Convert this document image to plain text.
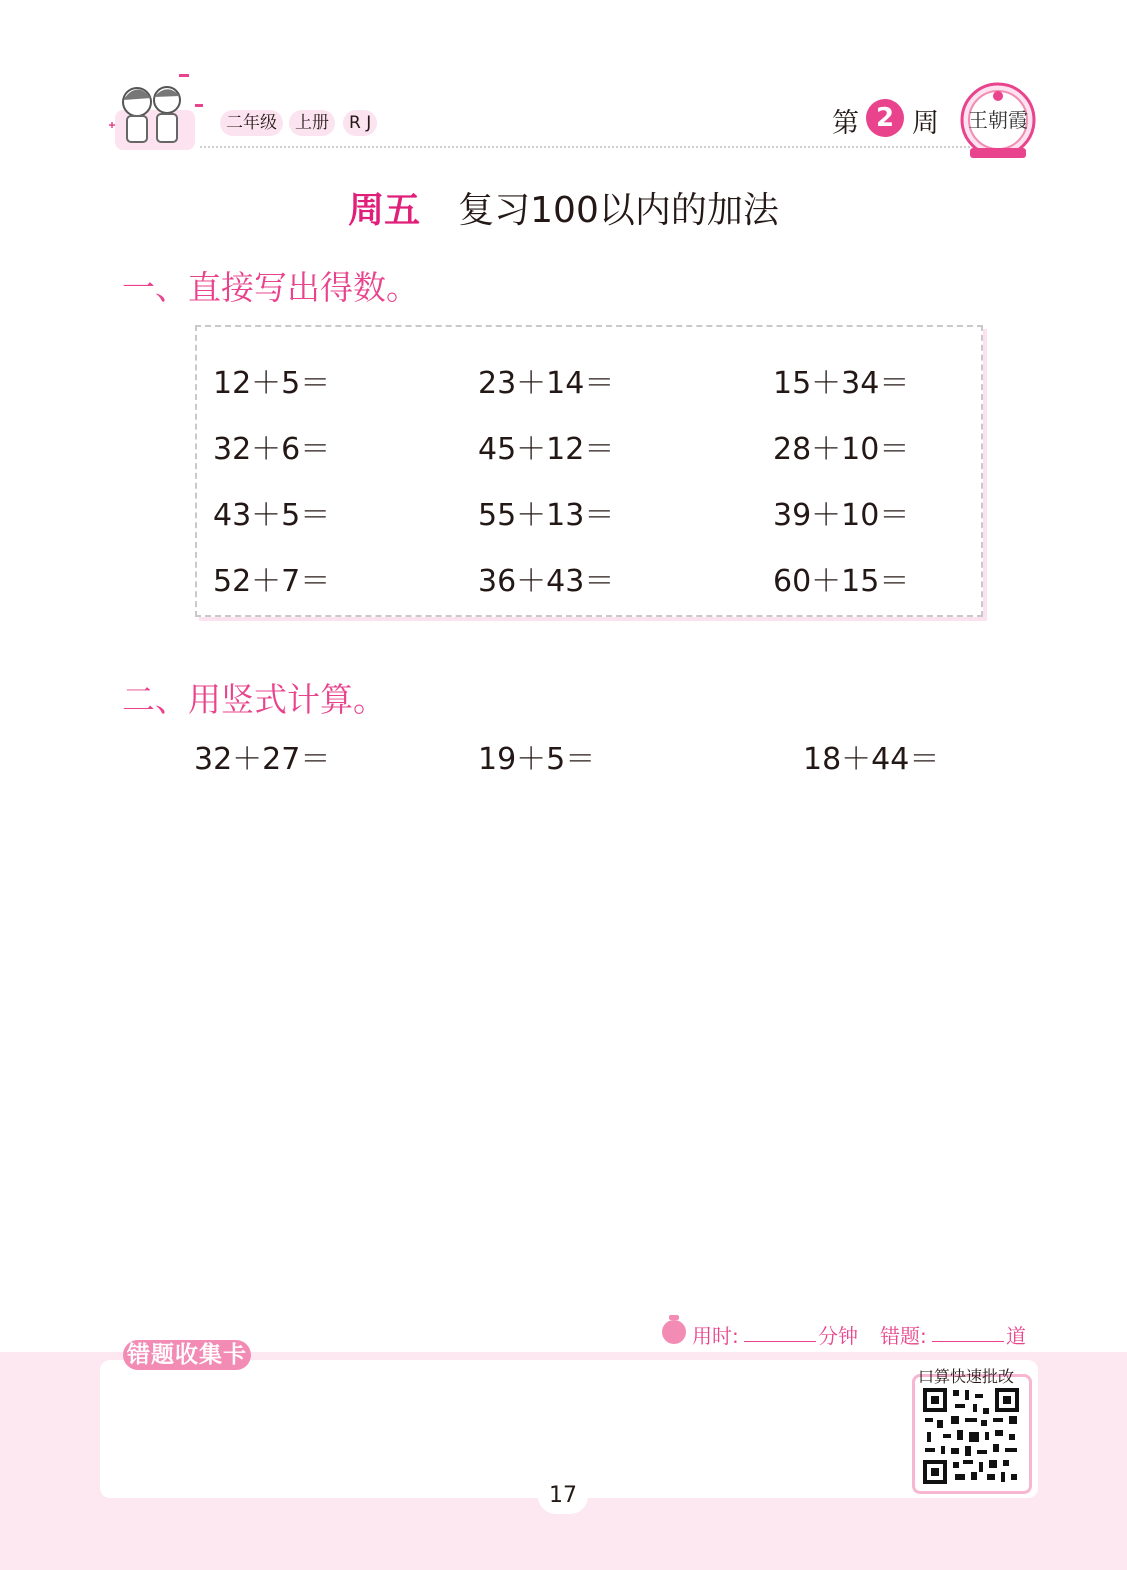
二年级	上册	R J	第 2 周	王朝霞
周五 复习100以内的加法
一、直接写出得数。
12＋5＝	23＋14＝	15＋34＝
32＋6＝	45＋12＝	28＋10＝
43＋5＝	55＋13＝	39＋10＝
52＋7＝	36＋43＝	60＋15＝
二、用竖式计算。
32＋27＝	19＋5＝	18＋44＝
用时:	分钟 错题:	道
错题收集卡
口算快速批改
17
